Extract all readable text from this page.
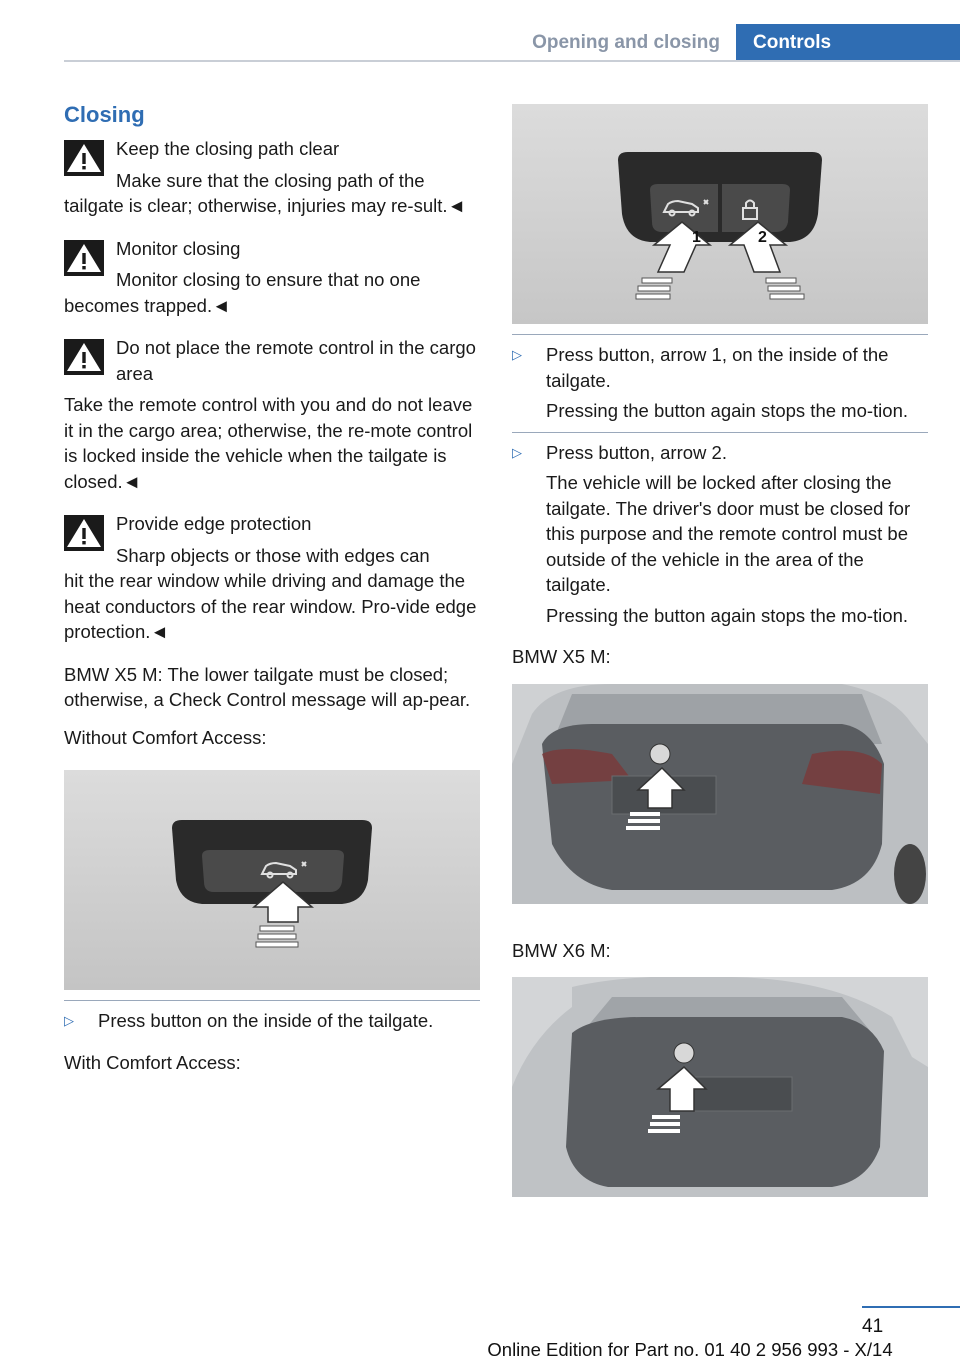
Opening and closing	Controls
Closing
Keep the closing path clear
Make sure that the closing path of the
tailgate is clear; otherwise, injuries may re-sult.◄
Monitor closing
Monitor closing to ensure that no one
becomes trapped.◄
Do not place the remote control in the cargo area
Take the remote control with you and do not leave it in the cargo area; otherwise, the re-mote control is locked inside the vehicle when the tailgate is closed.◄
Provide edge protection
Sharp objects or those with edges can
hit the rear window while driving and damage the heat conductors of the rear window. Pro-vide edge protection.◄

BMW X5 M: The lower tailgate must be closed; otherwise, a Check Control message will ap-pear.

Without Comfort Access:

▷ Press button on the inside of the tailgate.

With Comfort Access:

1	2
▷ Press button, arrow 1, on the inside of the tailgate.
Pressing the button again stops the mo-tion.
▷ Press button, arrow 2.
The vehicle will be locked after closing the tailgate. The driver's door must be closed for this purpose and the remote control must be outside of the vehicle in the area of the tailgate.
Pressing the button again stops the mo-tion.
BMW X5 M:
BMW X6 M:
41
Online Edition for Part no. 01 40 2 956 993 - X/14
